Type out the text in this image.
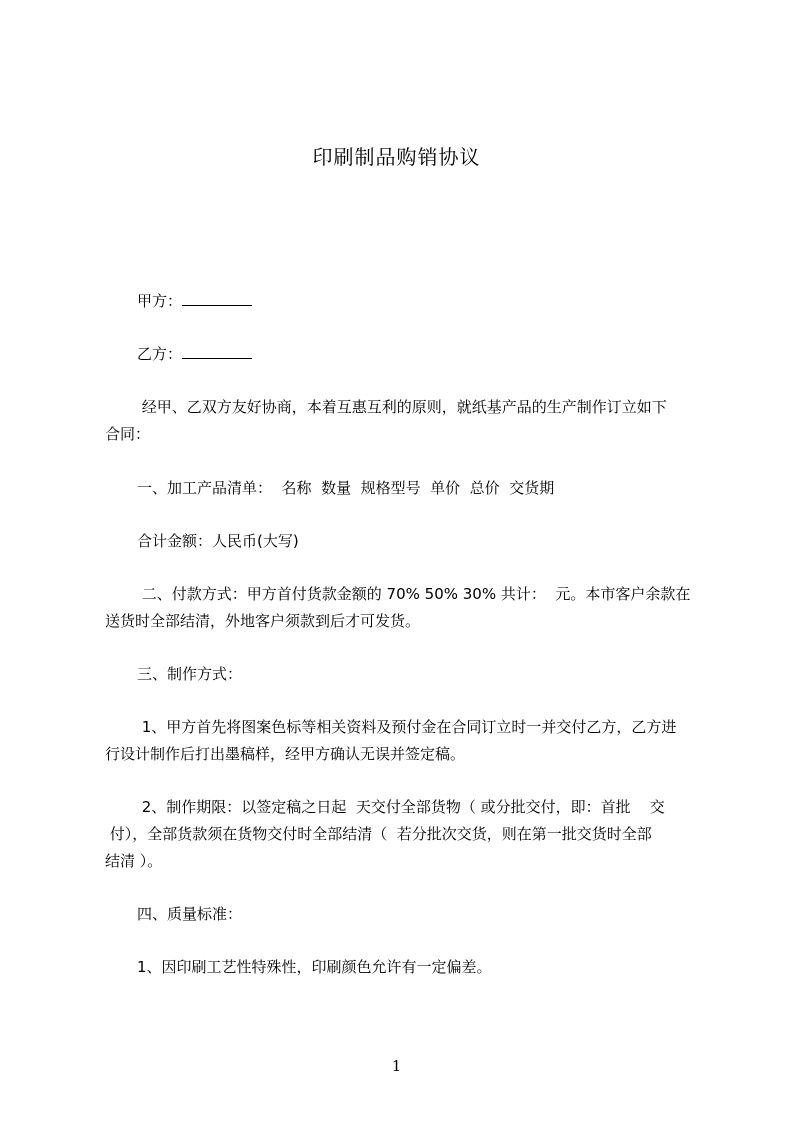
印刷制品购销协议
甲方：
乙方：
经甲、乙双方友好协商，本着互惠互利的原则，就纸基产品的生产制作订立如下
合同：
一、加工产品清单：  名称  数量  规格型号  单价  总价  交货期
合计金额：人民币(大写)
二、付款方式：甲方首付货款金额的 70% 50% 30% 共计：  元。本市客户余款在
送货时全部结清，外地客户须款到后才可发货。
三、制作方式：
1、甲方首先将图案色标等相关资料及预付金在合同订立时一并交付乙方，乙方进
行设计制作后打出墨稿样，经甲方确认无误并签定稿。
2、制作期限：以签定稿之日起  天交付全部货物（ 或分批交付，即：首批    交
付），全部货款须在货物交付时全部结清（  若分批次交货，则在第一批交货时全部
结清 ）。
四、质量标准：
1、因印刷工艺性特殊性，印刷颜色允许有一定偏差。
1
